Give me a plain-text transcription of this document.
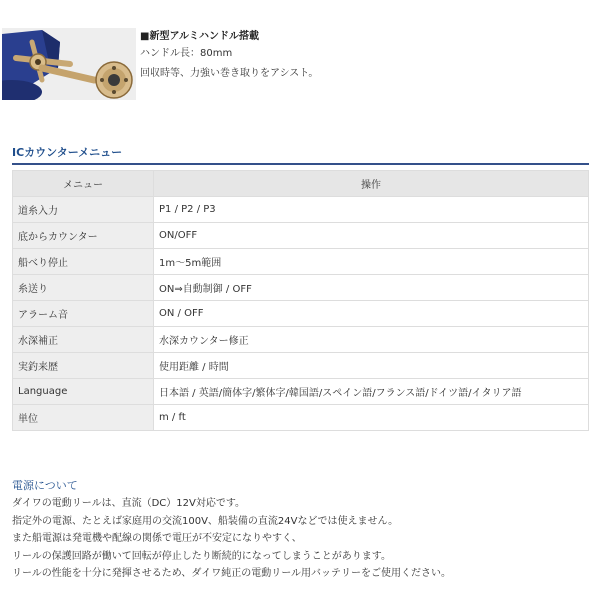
■新型アルミハンドル搭載
ハンドル長：80mm
回収時等、力強い巻き取りをアシスト。
ICカウンターメニュー
メニュー	操作
道糸入力	P1 / P2 / P3
底からカウンター	ON/OFF
船べり停止	1m〜5m範囲
糸送り	ON⇒自動制御 / OFF
アラーム音	ON / OFF
水深補正	水深カウンター修正
実釣来歴	使用距離 / 時間
Language	日本語 / 英語/簡体字/繁体字/韓国語/スペイン語/フランス語/ドイツ語/イタリア語
単位	m / ft
電源について
ダイワの電動リールは、直流（DC）12V対応です。
指定外の電源、たとえば家庭用の交流100V、船装備の直流24Vなどでは使えません。
また船電源は発電機や配線の関係で電圧が不安定になりやすく、
リールの保護回路が働いて回転が停止したり断続的になってしまうことがあります。
リールの性能を十分に発揮させるため、ダイワ純正の電動リール用バッテリーをご使用ください。
